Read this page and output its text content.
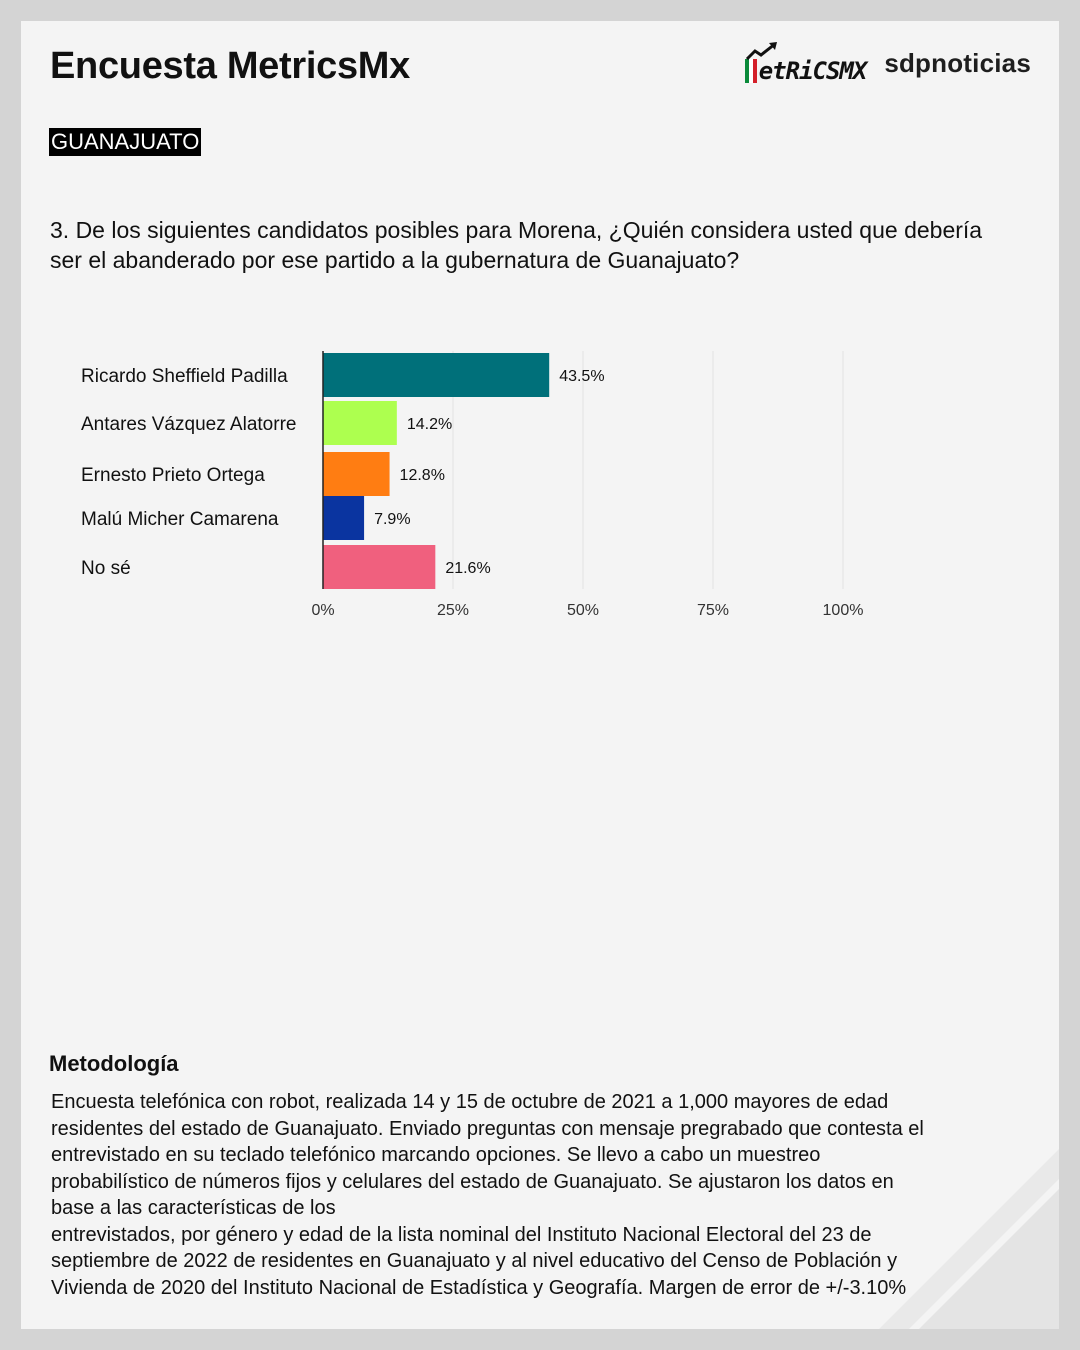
Encuesta MetricsMx	etRiCSMX sdpnoticias
GUANAJUATO
3. De los siguientes candidatos posibles para Morena, ¿Quién considera usted que debería ser el abanderado por ese partido a la gubernatura de Guanajuato?
Ricardo Sheffield Padilla	43.5%
Antares Vázquez Alatorre	14.2%
Ernesto Prieto Ortega	12.8%
Malú Micher Camarena	7.9%
No sé	21.6%
0%	25%	50%	75%	100%
Metodología
Encuesta telefónica con robot, realizada 14 y 15 de octubre de 2021 a 1,000 mayores de edad
residentes del estado de Guanajuato. Enviado preguntas con mensaje pregrabado que contesta el
entrevistado en su teclado telefónico marcando opciones. Se llevo a cabo un muestreo
probabilístico de números fijos y celulares del estado de Guanajuato. Se ajustaron los datos en
base a las características de los
entrevistados, por género y edad de la lista nominal del Instituto Nacional Electoral del 23 de
septiembre de 2022 de residentes en Guanajuato y al nivel educativo del Censo de Población y
Vivienda de 2020 del Instituto Nacional de Estadística y Geografía. Margen de error de +/-3.10%
